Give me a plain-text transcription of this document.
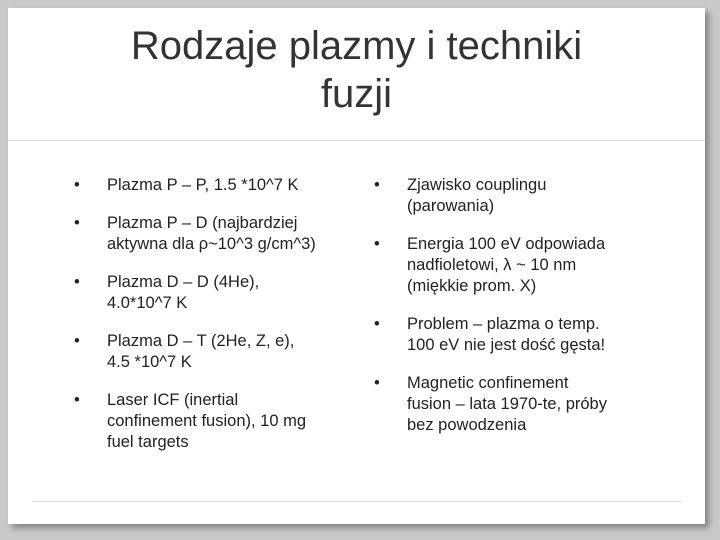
Rodzaje plazmy i techniki
fuzji
• Plazma P – P, 1.5 *10^7 K
• Plazma P – D (najbardziej
aktywna dla ρ~10^3 g/cm^3)
• Plazma D – D (4He),
4.0*10^7 K
• Plazma D – T (2He, Z, e),
4.5 *10^7 K
• Laser ICF (inertial
confinement fusion), 10 mg
fuel targets
• Zjawisko couplingu
(parowania)
• Energia 100 eV odpowiada
nadfioletowi, λ ~ 10 nm
(miękkie prom. X)
• Problem – plazma o temp.
100 eV nie jest dość gęsta!
• Magnetic confinement
fusion – lata 1970-te, próby
bez powodzenia
